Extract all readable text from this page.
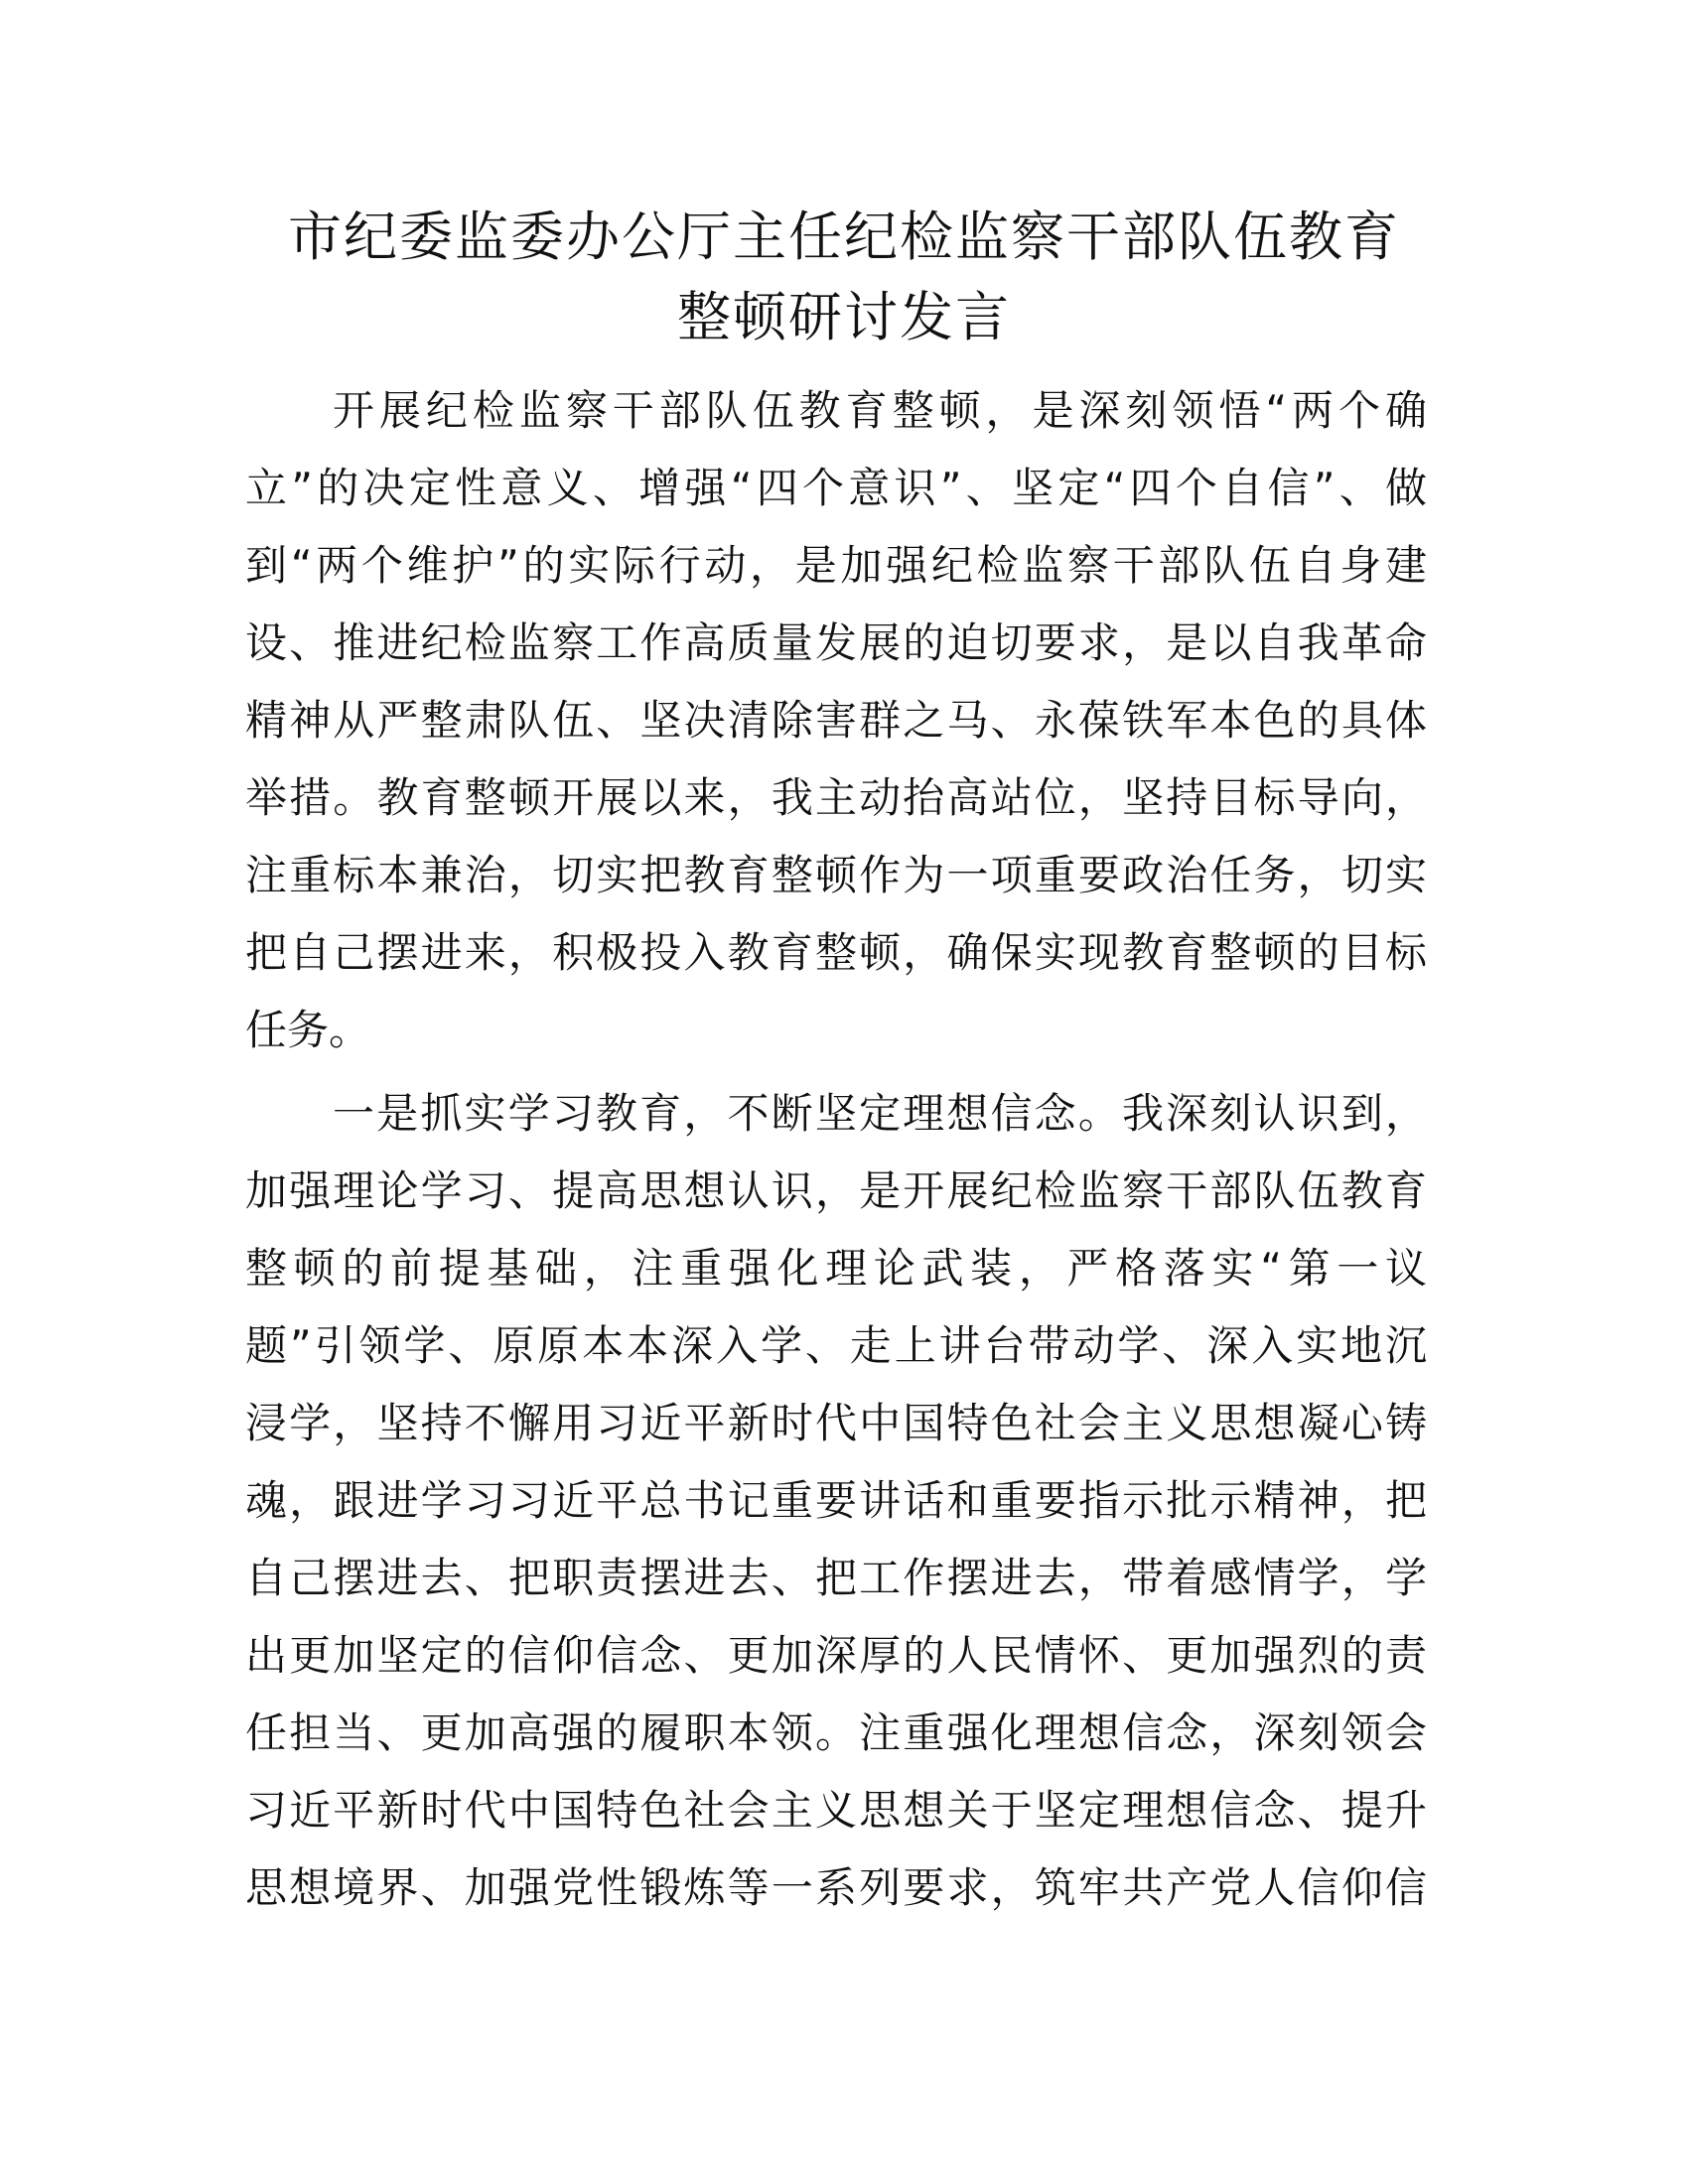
市纪委监委办公厅主任纪检监察干部队伍教育
整顿研讨发言
开展纪检监察干部队伍教育整顿，是深刻领悟“两个确
立”的决定性意义、增强“四个意识”、坚定“四个自信”、做
到“两个维护”的实际行动，是加强纪检监察干部队伍自身建
设、推进纪检监察工作高质量发展的迫切要求，是以自我革命
精神从严整肃队伍、坚决清除害群之马、永葆铁军本色的具体
举措。教育整顿开展以来，我主动抬高站位，坚持目标导向，
注重标本兼治，切实把教育整顿作为一项重要政治任务，切实
把自己摆进来，积极投入教育整顿，确保实现教育整顿的目标
任务。
一是抓实学习教育，不断坚定理想信念。我深刻认识到，
加强理论学习、提高思想认识，是开展纪检监察干部队伍教育
整顿的前提基础，注重强化理论武装，严格落实“第一议
题”引领学、原原本本深入学、走上讲台带动学、深入实地沉
浸学，坚持不懈用习近平新时代中国特色社会主义思想凝心铸
魂，跟进学习习近平总书记重要讲话和重要指示批示精神，把
自己摆进去、把职责摆进去、把工作摆进去，带着感情学，学
出更加坚定的信仰信念、更加深厚的人民情怀、更加强烈的责
任担当、更加高强的履职本领。注重强化理想信念，深刻领会
习近平新时代中国特色社会主义思想关于坚定理想信念、提升
思想境界、加强党性锻炼等一系列要求，筑牢共产党人信仰信
